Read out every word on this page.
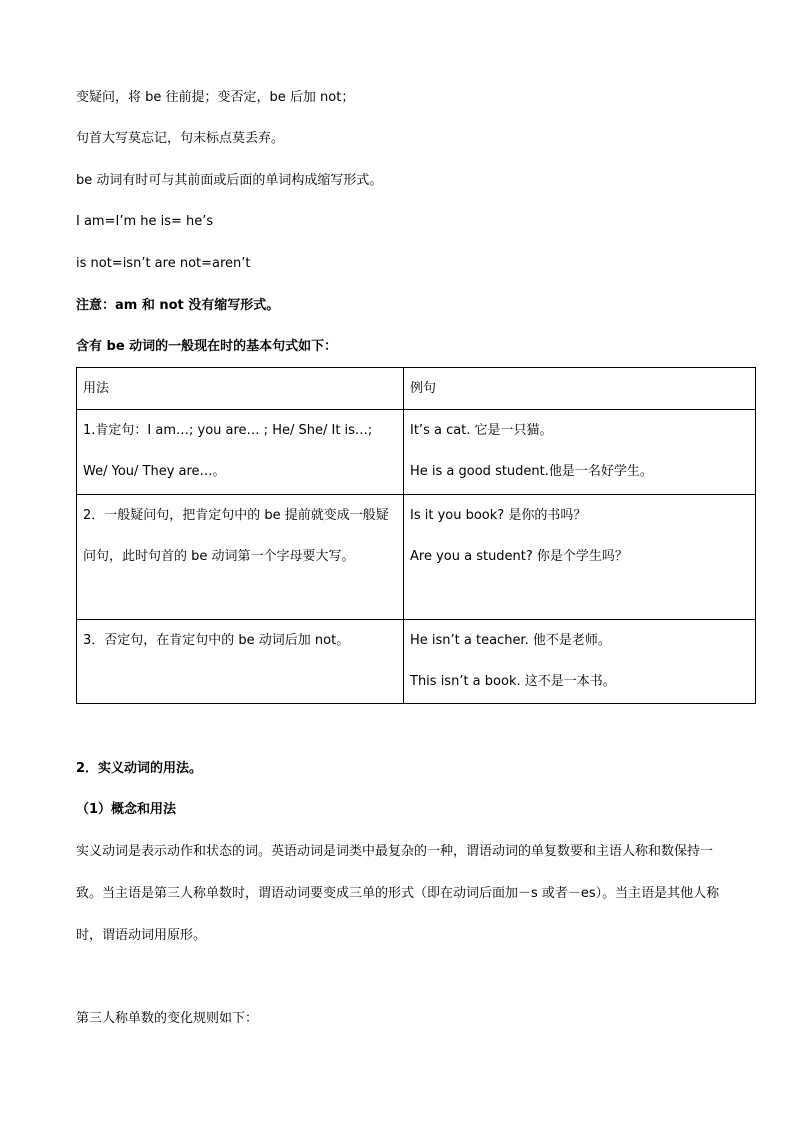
变疑问，将 be 往前提；变否定，be 后加 not；
句首大写莫忘记，句末标点莫丢弃。
be 动词有时可与其前面或后面的单词构成缩写形式。
I am=I’m he is= he’s
is not=isn’t are not=aren’t
注意：am 和 not 没有缩写形式。
含有 be 动词的一般现在时的基本句式如下：
用法	例句

1.肯定句：I am…; you are… ; He/ She/ It is…; We/ You/ They are…。	It’s a cat. 它是一只猫。
He is a good student.他是一名好学生。

2．一般疑问句，把肯定句中的 be 提前就变成一般疑问句，此时句首的 be 动词第一个字母要大写。	Is it you book? 是你的书吗？
Are you a student? 你是个学生吗？

3．否定句，在肯定句中的 be 动词后加 not。	He isn’t a teacher. 他不是老师。
This isn’t a book. 这不是一本书。
2．实义动词的用法。
（1）概念和用法
实义动词是表示动作和状态的词。英语动词是词类中最复杂的一种，谓语动词的单复数要和主语人称和数保持一致。当主语是第三人称单数时，谓语动词要变成三单的形式（即在动词后面加－s 或者－es）。当主语是其他人称时，谓语动词用原形。
第三人称单数的变化规则如下：
